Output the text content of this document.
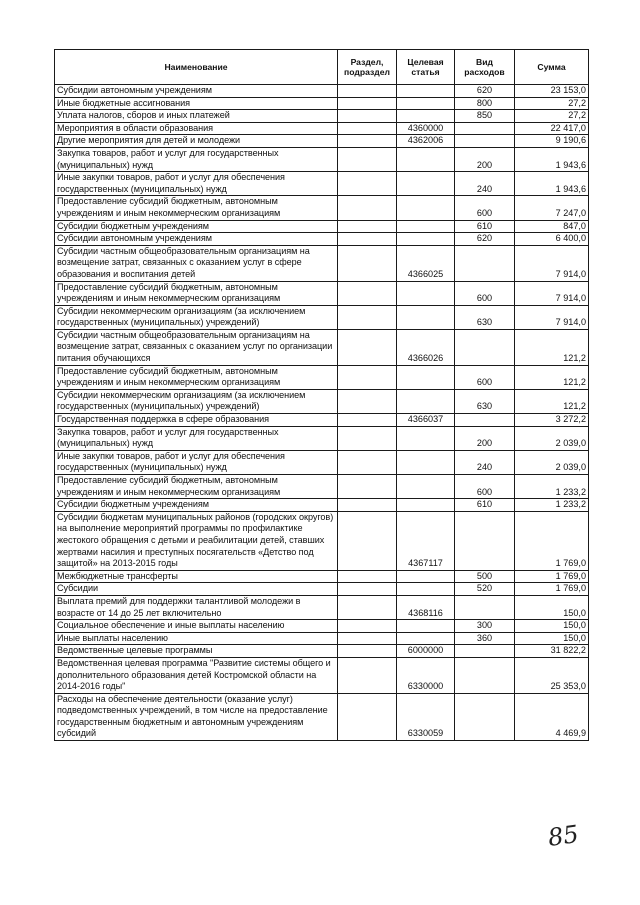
Наименование	Раздел, подраздел	Целевая статья	Вид расходов	Сумма
Субсидии автономным учреждениям			620	23 153,0
Иные бюджетные ассигнования			800	27,2
Уплата налогов, сборов и иных платежей			850	27,2
Мероприятия в области образования		4360000		22 417,0
Другие мероприятия для детей и молодежи		4362006		9 190,6
Закупка товаров, работ и услуг для государственных (муниципальных) нужд			200	1 943,6
Иные закупки товаров, работ и услуг для обеспечения государственных (муниципальных) нужд			240	1 943,6
Предоставление субсидий бюджетным, автономным учреждениям и иным некоммерческим организациям			600	7 247,0
Субсидии бюджетным учреждениям			610	847,0
Субсидии автономным учреждениям			620	6 400,0
Субсидии частным общеобразовательным организациям на возмещение затрат, связанных с оказанием услуг в сфере образования и воспитания детей		4366025		7 914,0
Предоставление субсидий бюджетным, автономным учреждениям и иным некоммерческим организациям			600	7 914,0
Субсидии некоммерческим организациям (за исключением государственных (муниципальных) учреждений)			630	7 914,0
Субсидии частным общеобразовательным организациям на возмещение затрат, связанных с оказанием услуг по организации питания обучающихся		4366026		121,2
Предоставление субсидий бюджетным, автономным учреждениям и иным некоммерческим организациям			600	121,2
Субсидии некоммерческим организациям (за исключением государственных (муниципальных) учреждений)			630	121,2
Государственная поддержка в сфере образования		4366037		3 272,2
Закупка товаров, работ и услуг для государственных (муниципальных) нужд			200	2 039,0
Иные закупки товаров, работ и услуг для обеспечения государственных (муниципальных) нужд			240	2 039,0
Предоставление субсидий бюджетным, автономным учреждениям и иным некоммерческим организациям			600	1 233,2
Субсидии бюджетным учреждениям			610	1 233,2
Субсидии бюджетам муниципальных районов (городских округов) на выполнение мероприятий программы по профилактике жестокого обращения с детьми и реабилитации детей, ставших жертвами насилия и преступных посягательств «Детство под защитой» на 2013-2015 годы		4367117		1 769,0
Межбюджетные трансферты			500	1 769,0
Субсидии			520	1 769,0
Выплата премий для поддержки талантливой молодежи в возрасте от 14 до 25 лет включительно		4368116		150,0
Социальное обеспечение и иные выплаты населению			300	150,0
Иные выплаты населению			360	150,0
Ведомственные целевые программы		6000000		31 822,2
Ведомственная целевая программа "Развитие системы общего и дополнительного образования детей Костромской области на 2014-2016 годы"		6330000		25 353,0
Расходы на обеспечение деятельности (оказание услуг) подведомственных учреждений, в том числе на предоставление государственным бюджетным и автономным учреждениям субсидий		6330059		4 469,9
85
